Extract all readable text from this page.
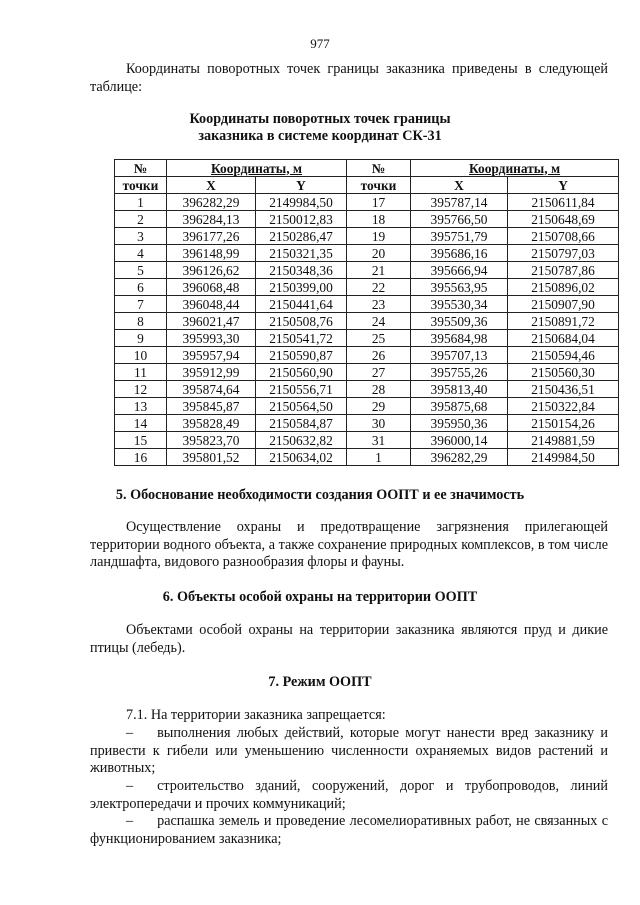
977
Координаты поворотных точек границы заказника приведены в следующей таблице:
Координаты поворотных точек границы
заказника в системе координат СК-31
№	Координаты, м		№	Координаты, м	
точки	X	Y	точки	X	Y
1	396282,29	2149984,50	17	395787,14	2150611,84
2	396284,13	2150012,83	18	395766,50	2150648,69
3	396177,26	2150286,47	19	395751,79	2150708,66
4	396148,99	2150321,35	20	395686,16	2150797,03
5	396126,62	2150348,36	21	395666,94	2150787,86
6	396068,48	2150399,00	22	395563,95	2150896,02
7	396048,44	2150441,64	23	395530,34	2150907,90
8	396021,47	2150508,76	24	395509,36	2150891,72
9	395993,30	2150541,72	25	395684,98	2150684,04
10	395957,94	2150590,87	26	395707,13	2150594,46
11	395912,99	2150560,90	27	395755,26	2150560,30
12	395874,64	2150556,71	28	395813,40	2150436,51
13	395845,87	2150564,50	29	395875,68	2150322,84
14	395828,49	2150584,87	30	395950,36	2150154,26
15	395823,70	2150632,82	31	396000,14	2149881,59
16	395801,52	2150634,02	1	396282,29	2149984,50
5. Обоснование необходимости создания ООПТ и ее значимость
Осуществление охраны и предотвращение загрязнения прилегающей территории водного объекта, а также сохранение природных комплексов, в том числе ландшафта, видового разнообразия флоры и фауны.
6. Объекты особой охраны на территории ООПТ
Объектами особой охраны на территории заказника являются пруд и дикие птицы (лебедь).
7. Режим ООПТ
7.1. На территории заказника запрещается:
– выполнения любых действий, которые могут нанести вред заказнику и привести к гибели или уменьшению численности охраняемых видов растений и животных;
– строительство зданий, сооружений, дорог и трубопроводов, линий электропередачи и прочих коммуникаций;
– распашка земель и проведение лесомелиоративных работ, не связанных с функционированием заказника;
